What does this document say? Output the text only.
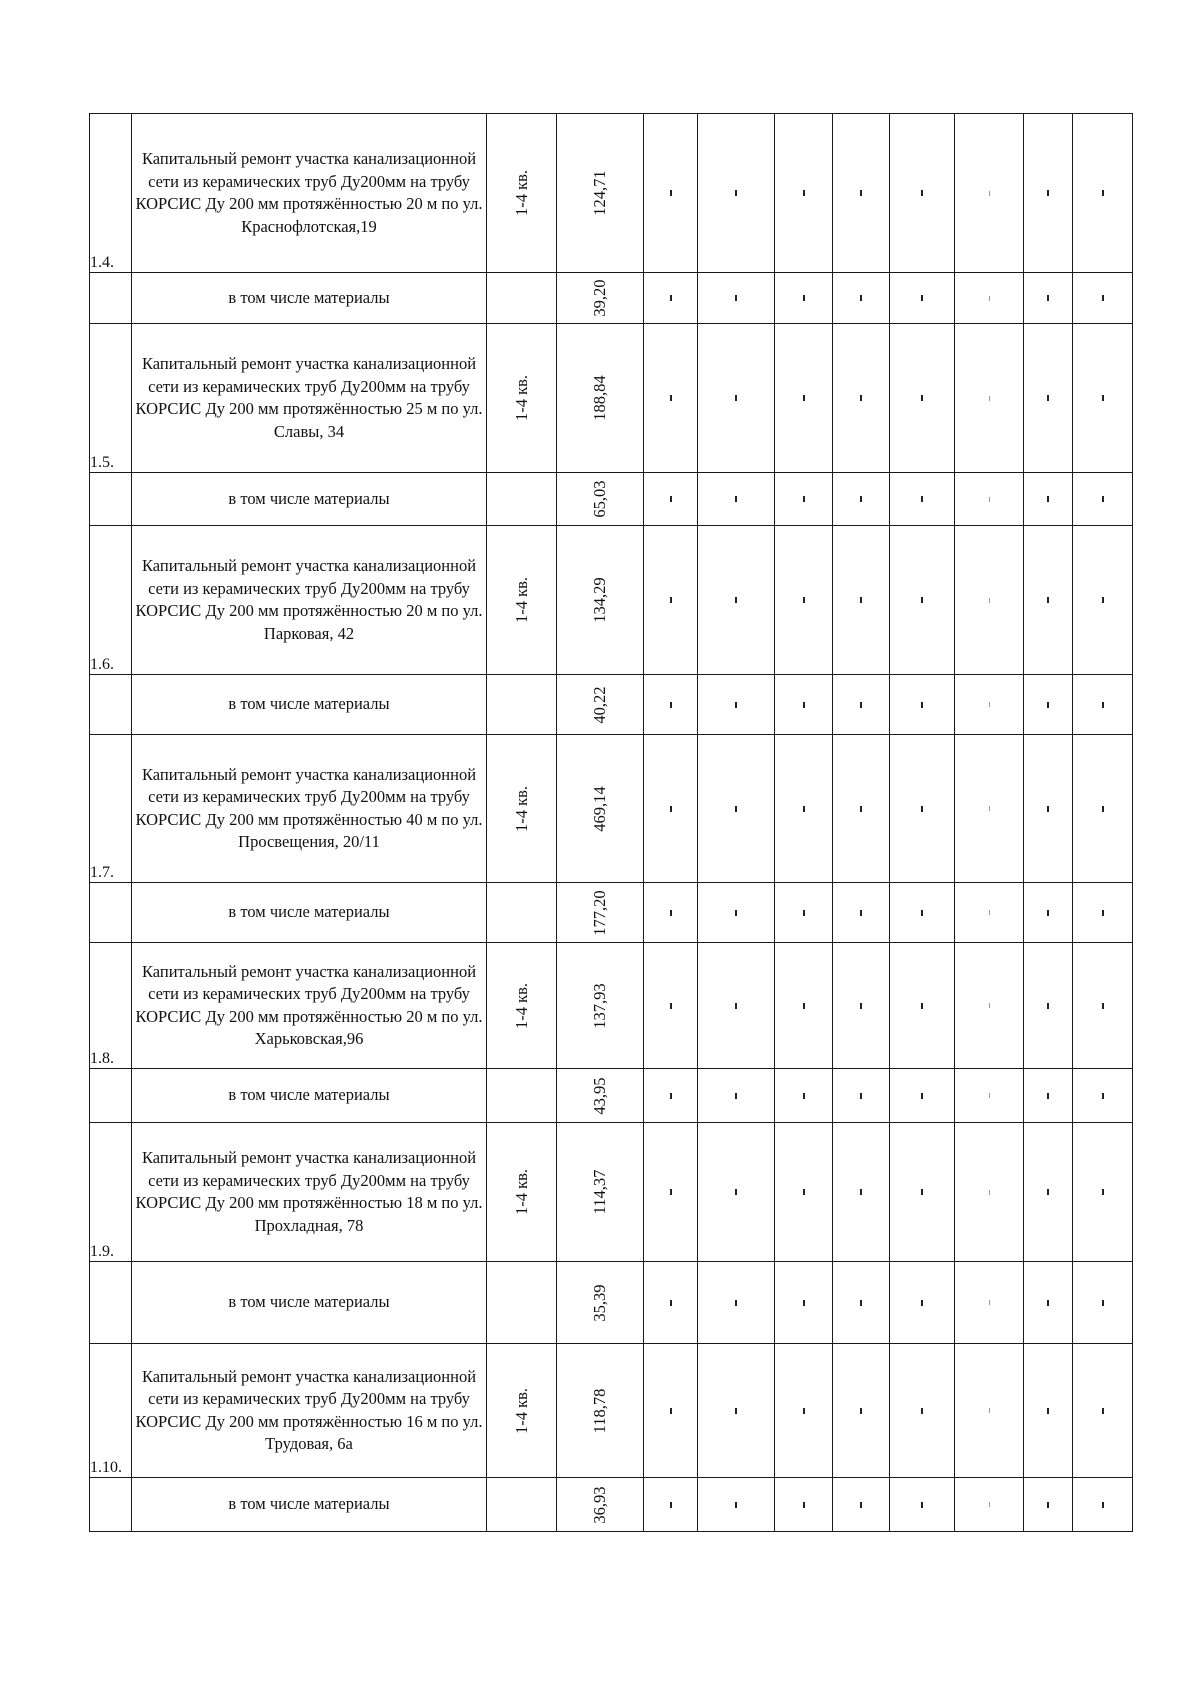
1.4.	Капитальный ремонт участка канализационной сети из керамических труб Ду200мм на трубу КОРСИС Ду 200 мм протяжённостью 20 м по ул. Краснофлотская,19	1-4 кв.	124,71								

	в том числе материалы		39,20								

1.5.	Капитальный ремонт участка канализационной сети из керамических труб Ду200мм на трубу КОРСИС Ду 200 мм протяжённостью 25 м по ул. Славы, 34	1-4 кв.	188,84								

	в том числе материалы		65,03								

1.6.	Капитальный ремонт участка канализационной сети из керамических труб Ду200мм на трубу КОРСИС Ду 200 мм протяжённостью 20 м по ул. Парковая, 42	1-4 кв.	134,29								

	в том числе материалы		40,22								

1.7.	Капитальный ремонт участка канализационной сети из керамических труб Ду200мм на трубу КОРСИС Ду 200 мм протяжённостью 40 м по ул. Просвещения, 20/11	1-4 кв.	469,14								

	в том числе материалы		177,20								

1.8.	Капитальный ремонт участка канализационной сети из керамических труб Ду200мм на трубу КОРСИС Ду 200 мм протяжённостью 20 м по ул. Харьковская,96	1-4 кв.	137,93								

	в том числе материалы		43,95								

1.9.	Капитальный ремонт участка канализационной сети из керамических труб Ду200мм на трубу КОРСИС Ду 200 мм протяжённостью 18 м по ул. Прохладная, 78	1-4 кв.	114,37								

	в том числе материалы		35,39								

1.10.	Капитальный ремонт участка канализационной сети из керамических труб Ду200мм на трубу КОРСИС Ду 200 мм протяжённостью 16 м по ул. Трудовая, 6а	1-4 кв.	118,78								

	в том числе материалы		36,93								
